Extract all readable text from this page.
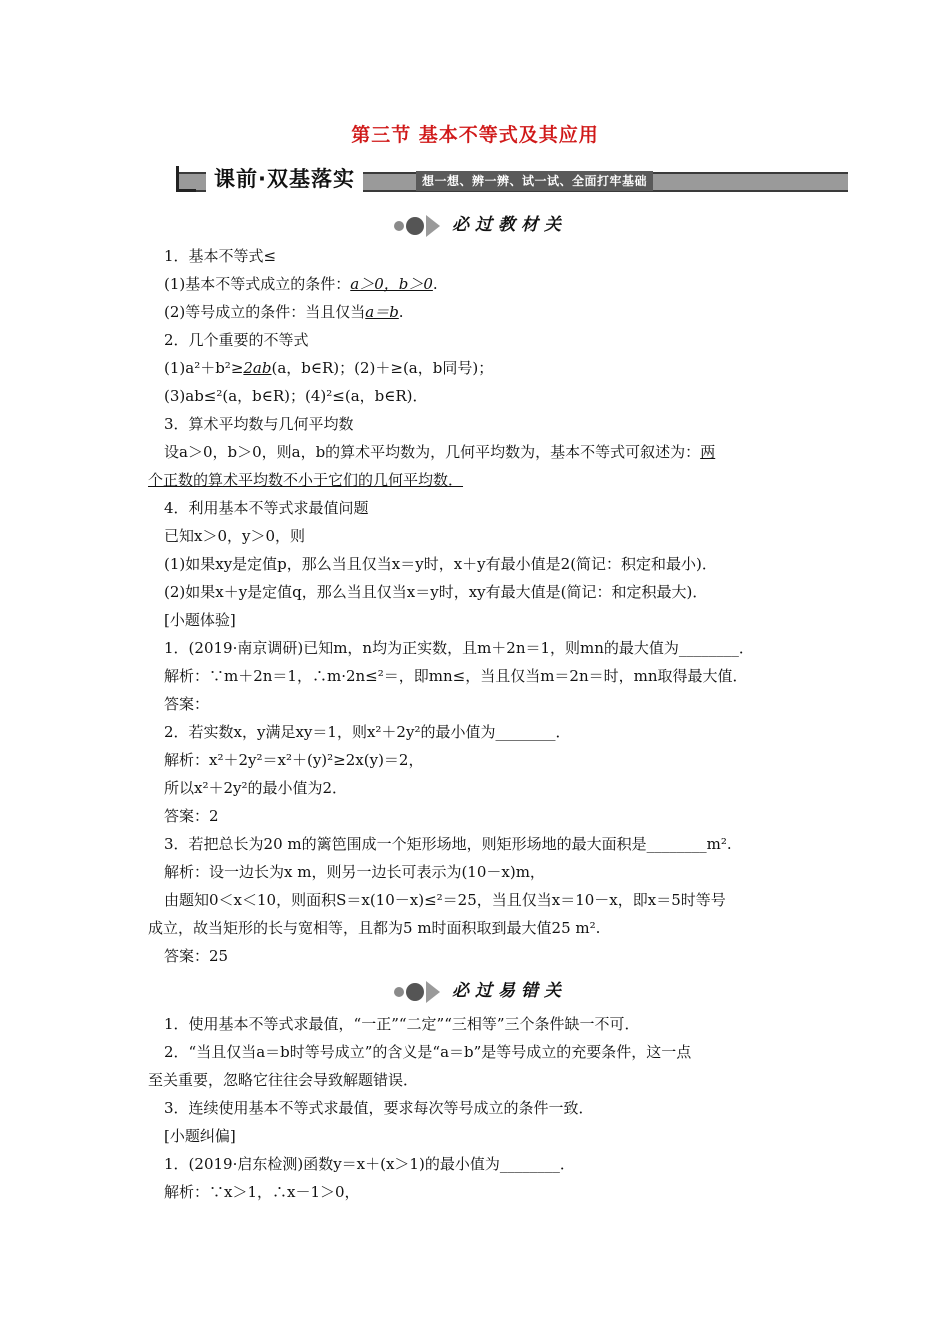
第三节 基本不等式及其应用
课前·双基落实	想一想、辨一辨、试一试、全面打牢基础
必过教材关
1．基本不等式≤
(1)基本不等式成立的条件：a＞0，b＞0.
(2)等号成立的条件：当且仅当a＝b.
2．几个重要的不等式
(1)a²＋b²≥2ab(a，b∈R)；(2)＋≥(a，b同号)；
(3)ab≤²(a，b∈R)；(4)²≤(a，b∈R)．
3．算术平均数与几何平均数
设a＞0，b＞0，则a，b的算术平均数为，几何平均数为，基本不等式可叙述为：两
个正数的算术平均数不小于它们的几何平均数．
4．利用基本不等式求最值问题
已知x＞0，y＞0，则
(1)如果xy是定值p，那么当且仅当x＝y时，x＋y有最小值是2(简记：积定和最小)．
(2)如果x＋y是定值q，那么当且仅当x＝y时，xy有最大值是(简记：和定积最大)．
[小题体验]
1．(2019·南京调研)已知m，n均为正实数，且m＋2n＝1，则mn的最大值为________．
解析：∵m＋2n＝1，∴m·2n≤²＝，即mn≤，当且仅当m＝2n＝时，mn取得最大值．
答案：
2．若实数x，y满足xy＝1，则x²＋2y²的最小值为________．
解析：x²＋2y²＝x²＋(y)²≥2x(y)＝2，
所以x²＋2y²的最小值为2．
答案：2
3．若把总长为20 m的篱笆围成一个矩形场地，则矩形场地的最大面积是________m².
解析：设一边长为x m，则另一边长可表示为(10－x)m，
由题知0＜x＜10，则面积S＝x(10－x)≤²＝25，当且仅当x＝10－x，即x＝5时等号
成立，故当矩形的长与宽相等，且都为5 m时面积取到最大值25 m².
答案：25
必过易错关
1．使用基本不等式求最值，“一正”“二定”“三相等”三个条件缺一不可．
2．“当且仅当a＝b时等号成立”的含义是“a＝b”是等号成立的充要条件，这一点
至关重要，忽略它往往会导致解题错误．
3．连续使用基本不等式求最值，要求每次等号成立的条件一致．
[小题纠偏]
1．(2019·启东检测)函数y＝x＋(x＞1)的最小值为________．
解析：∵x＞1，∴x－1＞0，
